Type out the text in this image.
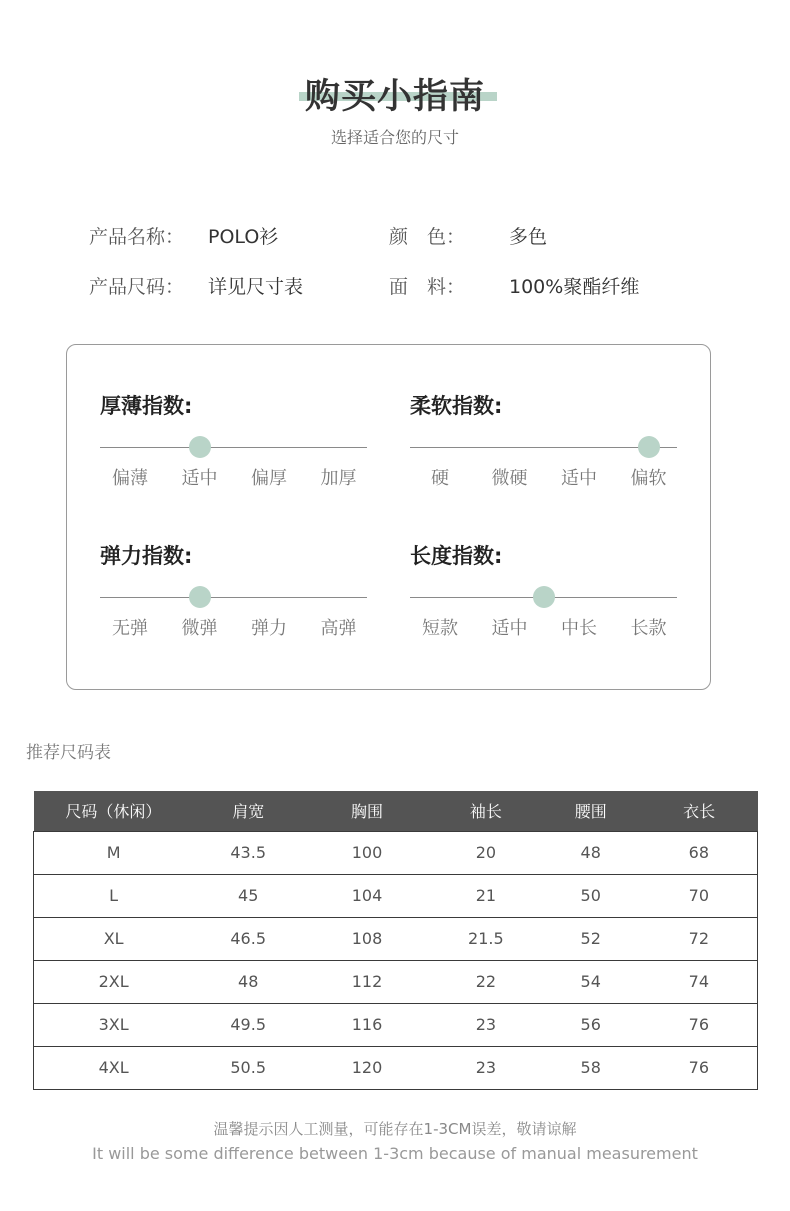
购买小指南
选择适合您的尺寸
产品名称： POLO衫	颜　色： 多色
产品尺码： 详见尺寸表	面　料： 100%聚酯纤维
厚薄指数:
偏薄	适中	偏厚	加厚
柔软指数:
硬	微硬	适中	偏软
弹力指数:
无弹	微弹	弹力	高弹
长度指数:
短款	适中	中长	长款
推荐尺码表
尺码（休闲）	肩宽	胸围	袖长	腰围	衣长
M	43.5	100	20	48	68
L	45	104	21	50	70
XL	46.5	108	21.5	52	72
2XL	48	112	22	54	74
3XL	49.5	116	23	56	76
4XL	50.5	120	23	58	76
温馨提示因人工测量，可能存在1-3CM误差，敬请谅解
It will be some difference between 1-3cm because of manual measurement
